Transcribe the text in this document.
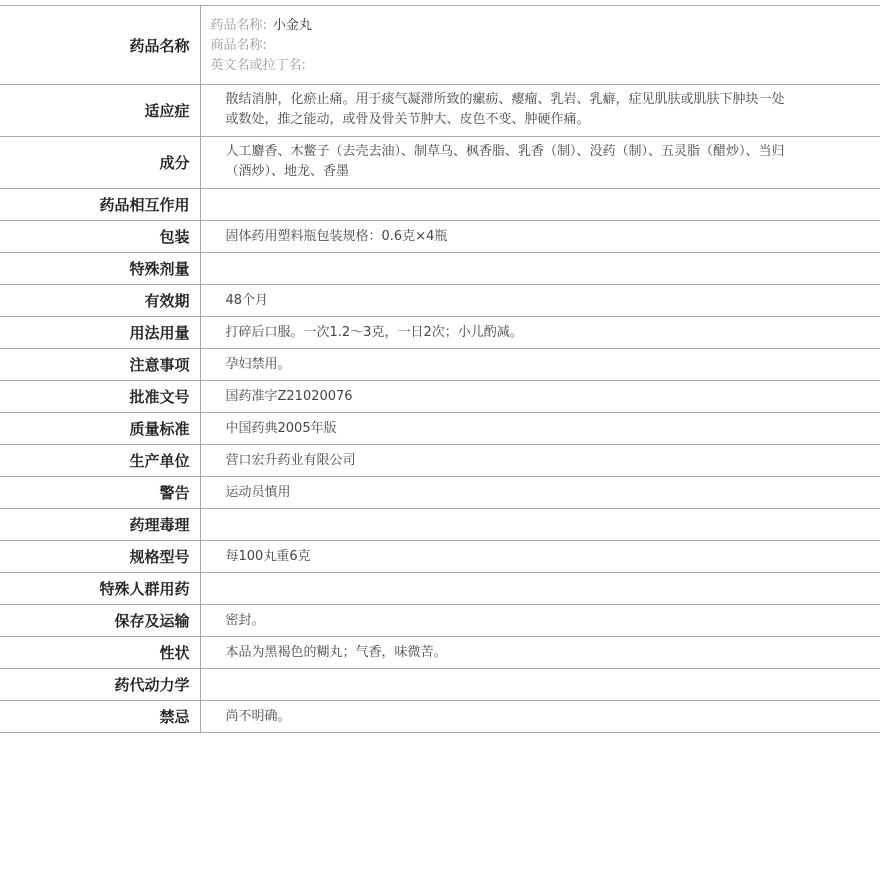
药品名称	药品名称: 小金丸
商品名称:
英文名或拉丁名:

适应症	散结消肿，化瘀止痛。用于痰气凝滞所致的瘰疬、瘿瘤、乳岩、乳癖，症见肌肤或肌肤下肿块一处或数处，推之能动，或骨及骨关节肿大、皮色不变、肿硬作痛。
成分	人工麝香、木鳖子（去壳去油）、制草乌、枫香脂、乳香（制）、没药（制）、五灵脂（醋炒）、当归（酒炒）、地龙、香墨
药品相互作用	
包装	固体药用塑料瓶包装规格：0.6克×4瓶
特殊剂量	
有效期	48个月
用法用量	打碎后口服。一次1.2～3克，一日2次；小儿酌减。
注意事项	孕妇禁用。
批准文号	国药准字Z21020076
质量标准	中国药典2005年版
生产单位	营口宏升药业有限公司
警告	运动员慎用
药理毒理	
规格型号	每100丸重6克
特殊人群用药	
保存及运输	密封。
性状	本品为黑褐色的糊丸；气香，味微苦。
药代动力学	
禁忌	尚不明确。
